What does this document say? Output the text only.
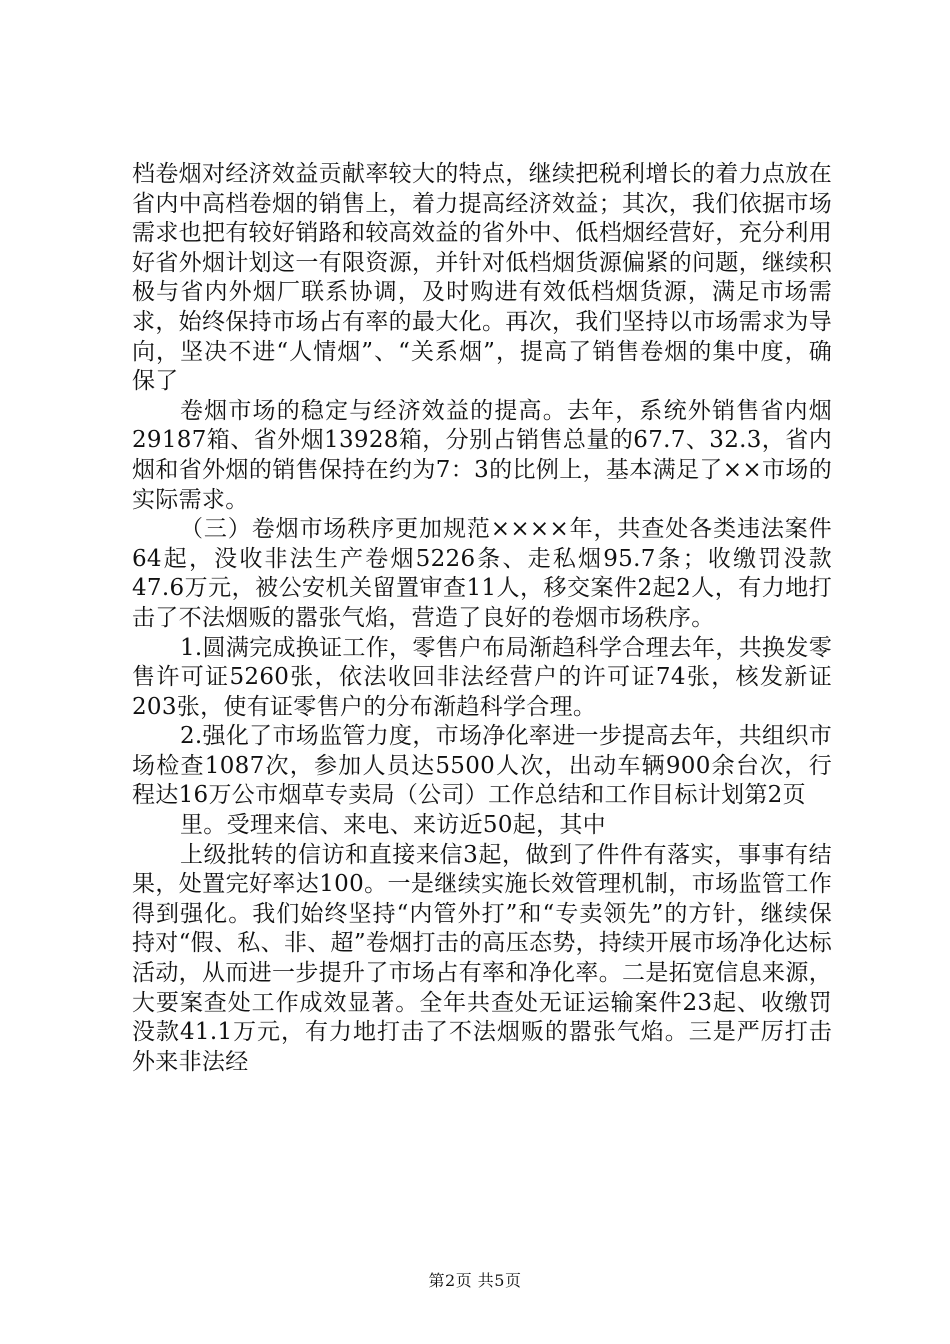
档卷烟对经济效益贡献率较大的特点，继续把税利增长的着力点放在省内中高档卷烟的销售上，着力提高经济效益；其次，我们依据市场需求也把有较好销路和较高效益的省外中、低档烟经营好，充分利用好省外烟计划这一有限资源，并针对低档烟货源偏紧的问题，继续积极与省内外烟厂联系协调，及时购进有效低档烟货源，满足市场需求，始终保持市场占有率的最大化。再次，我们坚持以市场需求为导向，坚决不进“人情烟”、“关系烟”，提高了销售卷烟的集中度，确保了

卷烟市场的稳定与经济效益的提高。去年，系统外销售省内烟29187箱、省外烟13928箱，分别占销售总量的67.7、32.3，省内烟和省外烟的销售保持在约为7：3的比例上，基本满足了××市场的实际需求。

（三）卷烟市场秩序更加规范××××年，共查处各类违法案件64起，没收非法生产卷烟5226条、走私烟95.7条；收缴罚没款47.6万元，被公安机关留置审查11人，移交案件2起2人，有力地打击了不法烟贩的嚣张气焰，营造了良好的卷烟市场秩序。

1.圆满完成换证工作，零售户布局渐趋科学合理去年，共换发零售许可证5260张，依法收回非法经营户的许可证74张，核发新证203张，使有证零售户的分布渐趋科学合理。

2.强化了市场监管力度，市场净化率进一步提高去年，共组织市场检查1087次，参加人员达5500人次，出动车辆900余台次，行程达16万公市烟草专卖局（公司）工作总结和工作目标计划第2页

里。受理来信、来电、来访近50起，其中

上级批转的信访和直接来信3起，做到了件件有落实，事事有结果，处置完好率达100。一是继续实施长效管理机制，市场监管工作得到强化。我们始终坚持“内管外打”和“专卖领先”的方针，继续保持对“假、私、非、超”卷烟打击的高压态势，持续开展市场净化达标活动，从而进一步提升了市场占有率和净化率。二是拓宽信息来源，大要案查处工作成效显著。全年共查处无证运输案件23起、收缴罚没款41.1万元，有力地打击了不法烟贩的嚣张气焰。三是严厉打击外来非法经

第2页 共5页
